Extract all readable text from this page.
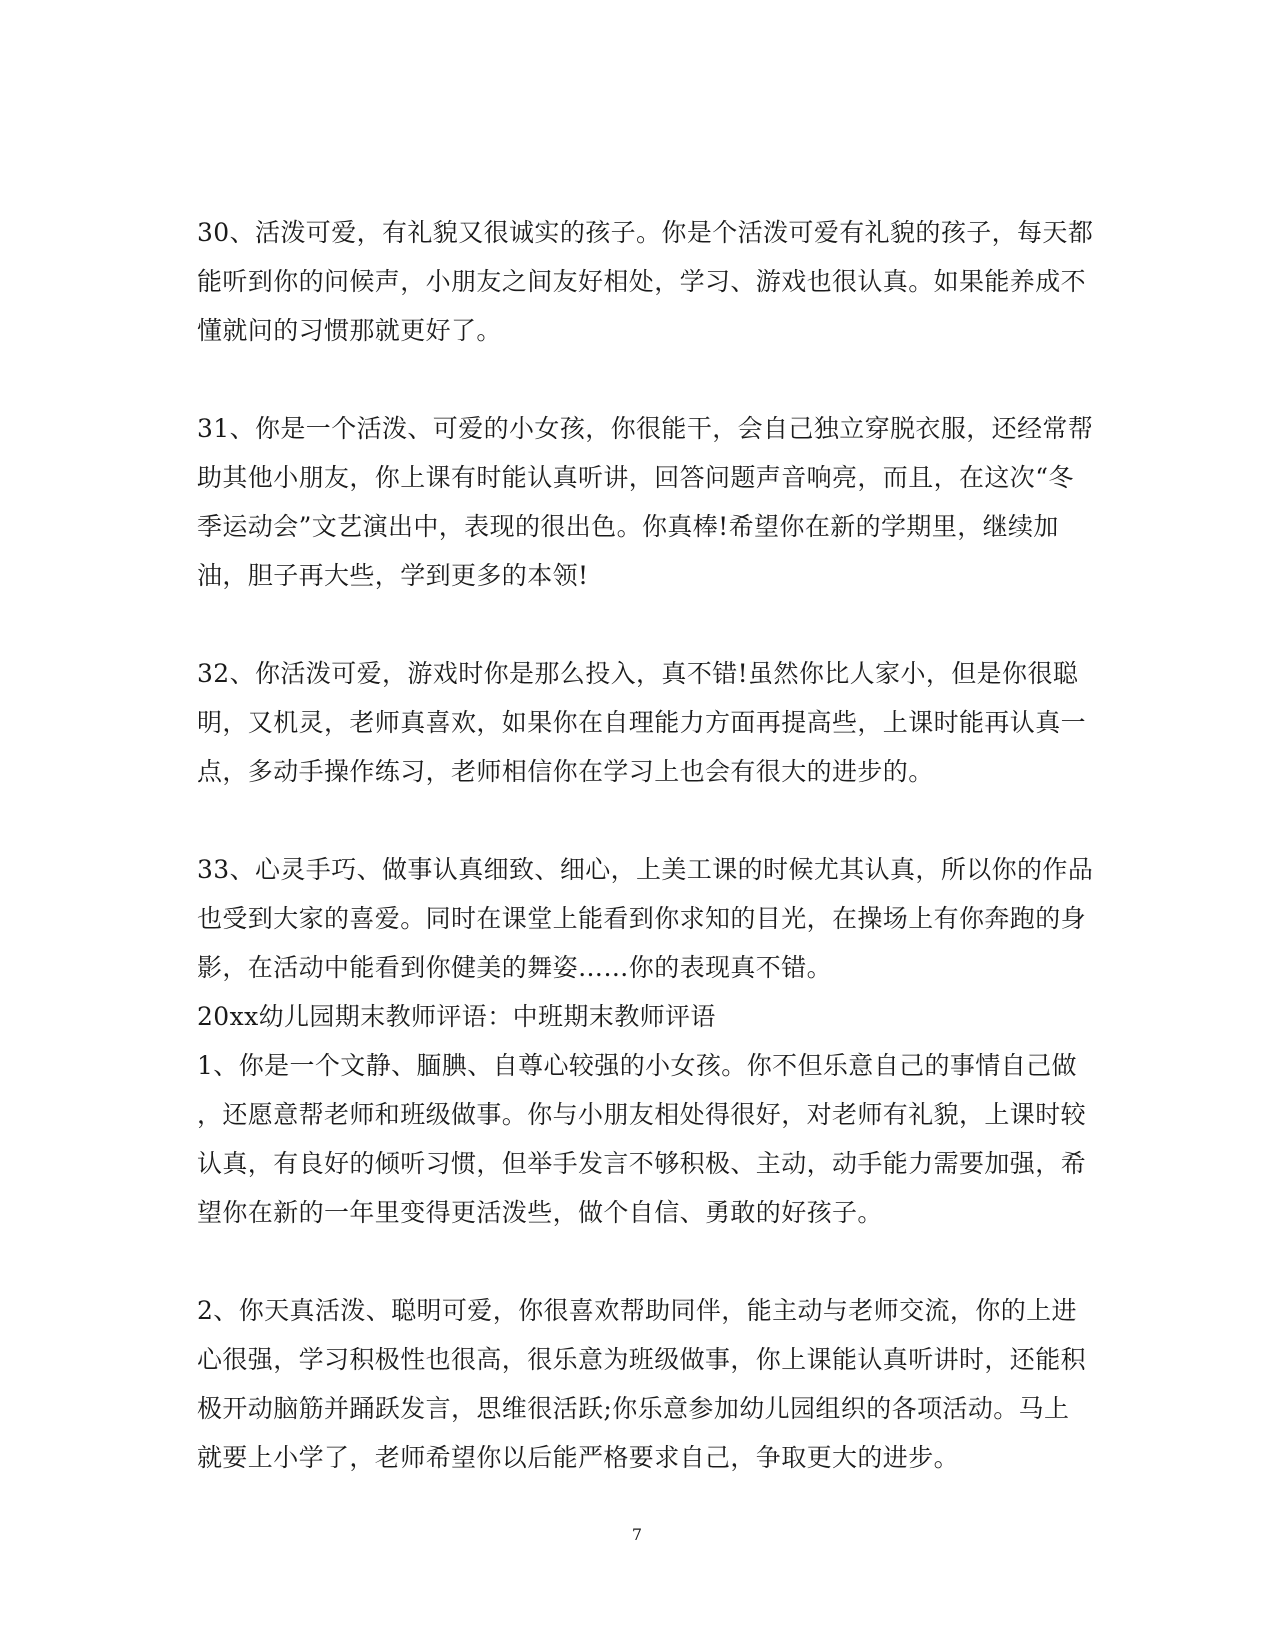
30、活泼可爱，有礼貌又很诚实的孩子。你是个活泼可爱有礼貌的孩子，每天都
能听到你的问候声，小朋友之间友好相处，学习、游戏也很认真。如果能养成不
懂就问的习惯那就更好了。
31、你是一个活泼、可爱的小女孩，你很能干，会自己独立穿脱衣服，还经常帮
助其他小朋友，你上课有时能认真听讲，回答问题声音响亮，而且，在这次“冬
季运动会”文艺演出中，表现的很出色。你真棒!希望你在新的学期里，继续加
油，胆子再大些，学到更多的本领!
32、你活泼可爱，游戏时你是那么投入，真不错!虽然你比人家小，但是你很聪
明，又机灵，老师真喜欢，如果你在自理能力方面再提高些，上课时能再认真一
点，多动手操作练习，老师相信你在学习上也会有很大的进步的。
33、心灵手巧、做事认真细致、细心，上美工课的时候尤其认真，所以你的作品
也受到大家的喜爱。同时在课堂上能看到你求知的目光，在操场上有你奔跑的身
影，在活动中能看到你健美的舞姿……你的表现真不错。
20xx幼儿园期末教师评语：中班期末教师评语
1、你是一个文静、腼腆、自尊心较强的小女孩。你不但乐意自己的事情自己做
，还愿意帮老师和班级做事。你与小朋友相处得很好，对老师有礼貌，上课时较
认真，有良好的倾听习惯，但举手发言不够积极、主动，动手能力需要加强，希
望你在新的一年里变得更活泼些，做个自信、勇敢的好孩子。
2、你天真活泼、聪明可爱，你很喜欢帮助同伴，能主动与老师交流，你的上进
心很强，学习积极性也很高，很乐意为班级做事，你上课能认真听讲时，还能积
极开动脑筋并踊跃发言，思维很活跃;你乐意参加幼儿园组织的各项活动。马上
就要上小学了，老师希望你以后能严格要求自己，争取更大的进步。
7
